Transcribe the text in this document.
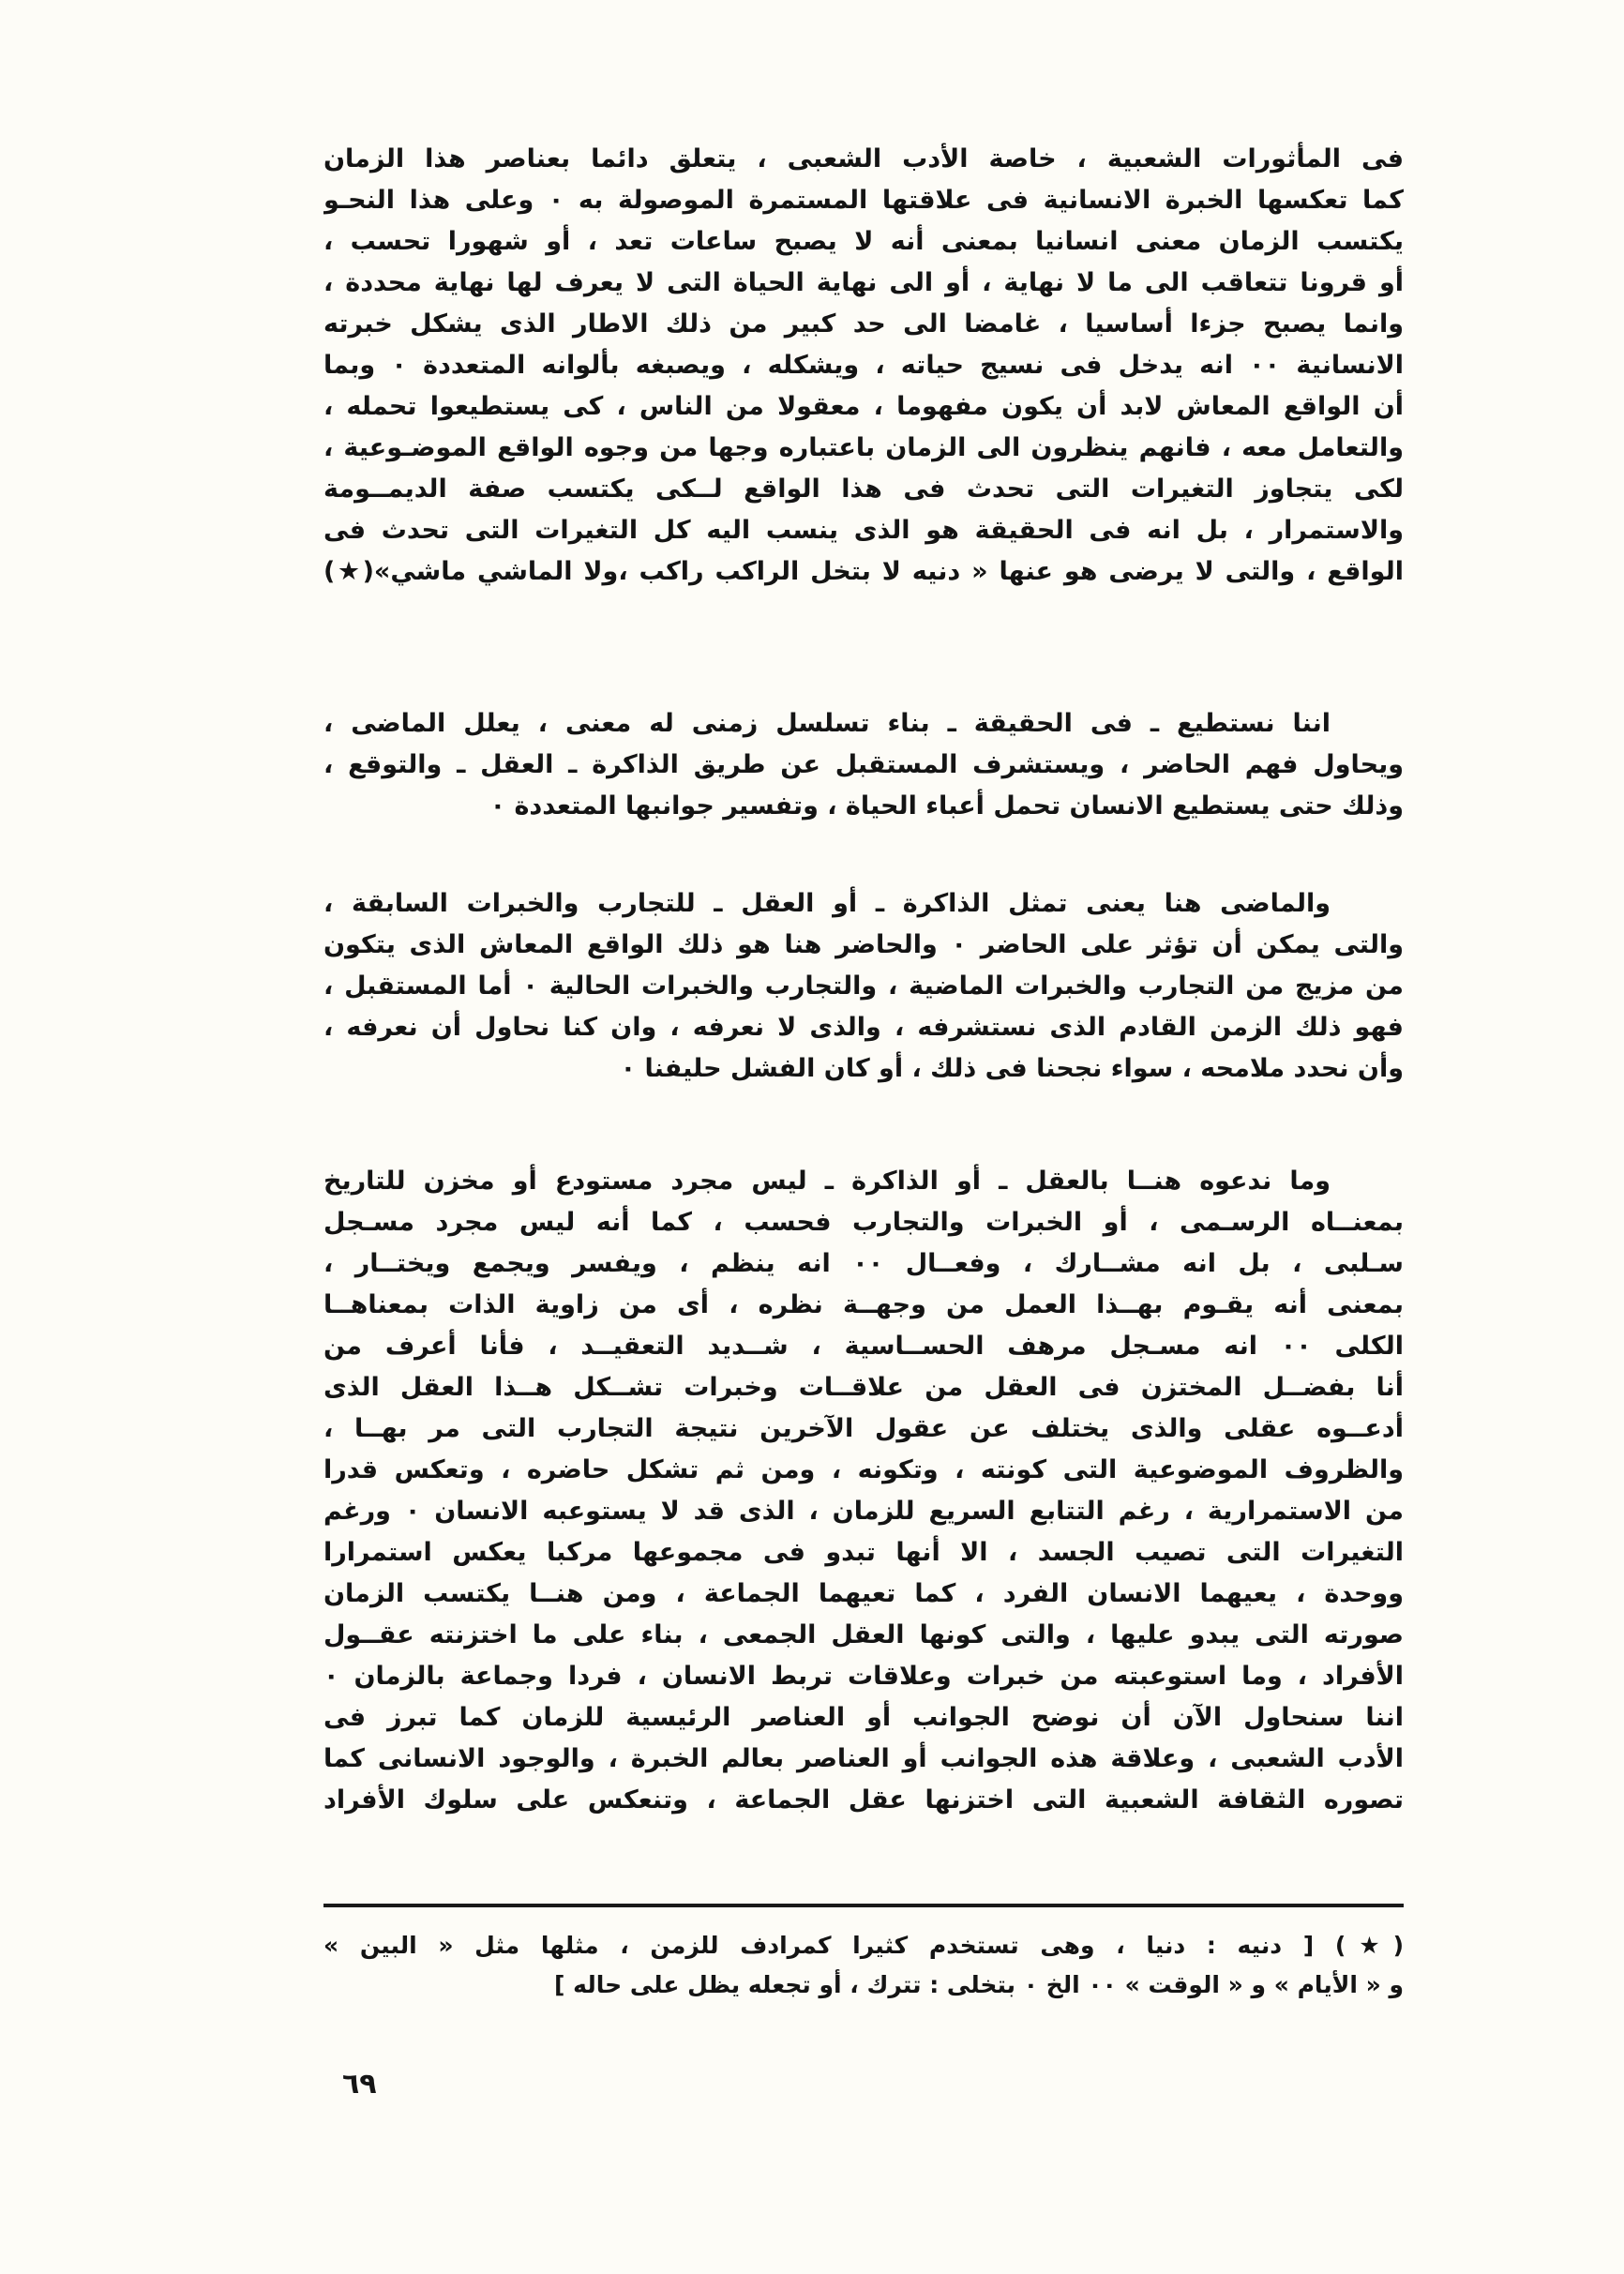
فى المأثورات الشعبية ، خاصة الأدب الشعبى ، يتعلق دائما بعناصر هذا الزمان
كما تعكسها الخبرة الانسانية فى علاقتها المستمرة الموصولة به ٠ وعلى هذا النحـو
يكتسب الزمان معنى انسانيا بمعنى أنه لا يصبح ساعات تعد ، أو شهورا تحسب ،
أو قرونا تتعاقب الى ما لا نهاية ، أو الى نهاية الحياة التى لا يعرف لها نهاية محددة ،
وانما يصبح جزءا أساسيا ، غامضا الى حد كبير من ذلك الاطار الذى يشكل خبرته
الانسانية ٠٠ انه يدخل فى نسيج حياته ، ويشكله ، ويصبغه بألوانه المتعددة ٠ وبما
أن الواقع المعاش لابد أن يكون مفهوما ، معقولا من الناس ، كى يستطيعوا تحمله ،
والتعامل معه ، فانهم ينظرون الى الزمان باعتباره وجها من وجوه الواقع الموضـوعية ،
لكى يتجاوز التغيرات التى تحدث فى هذا الواقع لــكى يكتسب صفة الديمــومة
والاستمرار ، بل انه فى الحقيقة هو الذى ينسب اليه كل التغيرات التى تحدث فى
الواقع ، والتى لا يرضى هو عنها « دنيه لا بتخل الراكب راكب ،ولا الماشي ماشي»(★)
اننا نستطيع ـ فى الحقيقة ـ بناء تسلسل زمنى له معنى ، يعلل الماضى ،
ويحاول فهم الحاضر ، ويستشرف المستقبل عن طريق الذاكرة ـ العقل ـ والتوقع ،
وذلك حتى يستطيع الانسان تحمل أعباء الحياة ، وتفسير جوانبها المتعددة ٠
والماضى هنا يعنى تمثل الذاكرة ـ أو العقل ـ للتجارب والخبرات السابقة ،
والتى يمكن أن تؤثر على الحاضر ٠ والحاضر هنا هو ذلك الواقع المعاش الذى يتكون
من مزيج من التجارب والخبرات الماضية ، والتجارب والخبرات الحالية ٠ أما المستقبل ،
فهو ذلك الزمن القادم الذى نستشرفه ، والذى لا نعرفه ، وان كنا نحاول أن نعرفه ،
وأن نحدد ملامحه ، سواء نجحنا فى ذلك ، أو كان الفشل حليفنا ٠
وما ندعوه هنــا بالعقل ـ أو الذاكرة ـ ليس مجرد مستودع أو مخزن للتاريخ
بمعنــاه الرسـمى ، أو الخبرات والتجارب فحسب ، كما أنه ليس مجرد مسـجل
سـلبى ، بل انه مشــارك ، وفعــال ٠٠ انه ينظم ، ويفسر ويجمع ويختــار ،
بمعنى أنه يقـوم بهــذا العمل من وجهــة نظره ، أى من زاوية الذات بمعناهــا
الكلى ٠٠ انه مسـجل مرهف الحســاسية ، شــديد التعقيــد ، فأنا أعرف من
أنا بفضــل المختزن فى العقل من علاقــات وخبرات تشــكل هــذا العقل الذى
أدعــوه عقلى والذى يختلف عن عقول الآخرين نتيجة التجارب التى مر بهــا ،
والظروف الموضوعية التى كونته ، وتكونه ، ومن ثم تشكل حاضره ، وتعكس قدرا
من الاستمرارية ، رغم التتابع السريع للزمان ، الذى قد لا يستوعبه الانسان ٠ ورغم
التغيرات التى تصيب الجسد ، الا أنها تبدو فى مجموعها مركبا يعكس استمرارا
ووحدة ، يعيهما الانسان الفرد ، كما تعيهما الجماعة ، ومن هنــا يكتسب الزمان
صورته التى يبدو عليها ، والتى كونها العقل الجمعى ، بناء على ما اختزنته عقــول
الأفراد ، وما استوعبته من خبرات وعلاقات تربط الانسان ، فردا وجماعة بالزمان ٠
اننا سنحاول الآن أن نوضح الجوانب أو العناصر الرئيسية للزمان كما تبرز فى
الأدب الشعبى ، وعلاقة هذه الجوانب أو العناصر بعالم الخبرة ، والوجود الانسانى كما
تصوره الثقافة الشعبية التى اختزنها عقل الجماعة ، وتنعكس على سلوك الأفراد
(★) [ دنيه : دنيا ، وهى تستخدم كثيرا كمرادف للزمن ، مثلها مثل « البين »
و « الأيام » و « الوقت » ٠٠ الخ ٠ بتخلى : تترك ، أو تجعله يظل على حاله ]
٦٩
